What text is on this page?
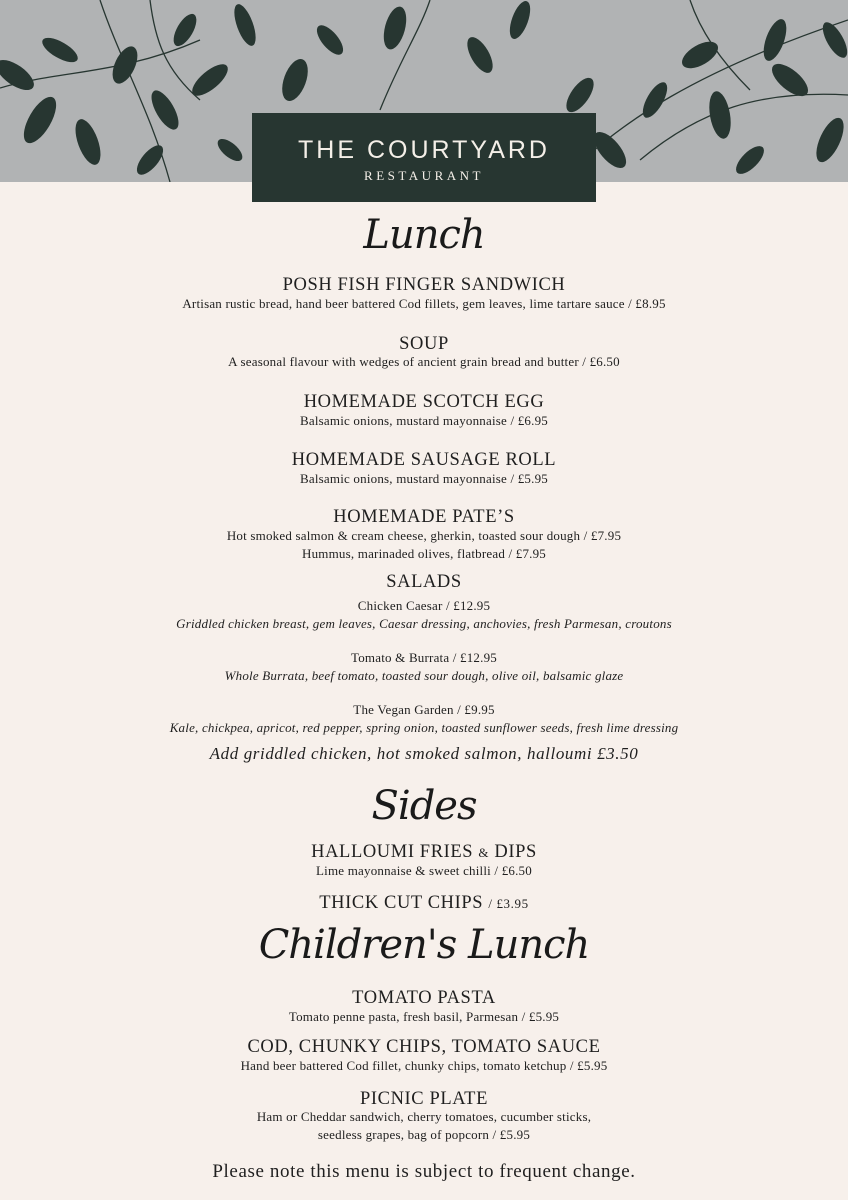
THE COURTYARD
RESTAURANT
Lunch
POSH FISH FINGER SANDWICH
Artisan rustic bread, hand beer battered Cod fillets, gem leaves, lime tartare sauce / £8.95
SOUP
A seasonal flavour with wedges of ancient grain bread and butter / £6.50
HOMEMADE SCOTCH EGG
Balsamic onions, mustard mayonnaise / £6.95
HOMEMADE SAUSAGE ROLL
Balsamic onions, mustard mayonnaise / £5.95
HOMEMADE PATE’S
Hot smoked salmon & cream cheese, gherkin, toasted sour dough / £7.95
Hummus, marinaded olives, flatbread / £7.95
SALADS
Chicken Caesar / £12.95
Griddled chicken breast, gem leaves, Caesar dressing, anchovies, fresh Parmesan, croutons
Tomato & Burrata / £12.95
Whole Burrata, beef tomato, toasted sour dough, olive oil, balsamic glaze
The Vegan Garden / £9.95
Kale, chickpea, apricot, red pepper, spring onion, toasted sunflower seeds, fresh lime dressing
Add griddled chicken, hot smoked salmon, halloumi £3.50
Sides
HALLOUMI FRIES & DIPS
Lime mayonnaise & sweet chilli / £6.50
THICK CUT CHIPS / £3.95
Children's Lunch
TOMATO PASTA
Tomato penne pasta, fresh basil, Parmesan / £5.95
COD, CHUNKY CHIPS, TOMATO SAUCE
Hand beer battered Cod fillet, chunky chips, tomato ketchup / £5.95
PICNIC PLATE
Ham or Cheddar sandwich, cherry tomatoes, cucumber sticks,
seedless grapes, bag of popcorn / £5.95
Please note this menu is subject to frequent change.
